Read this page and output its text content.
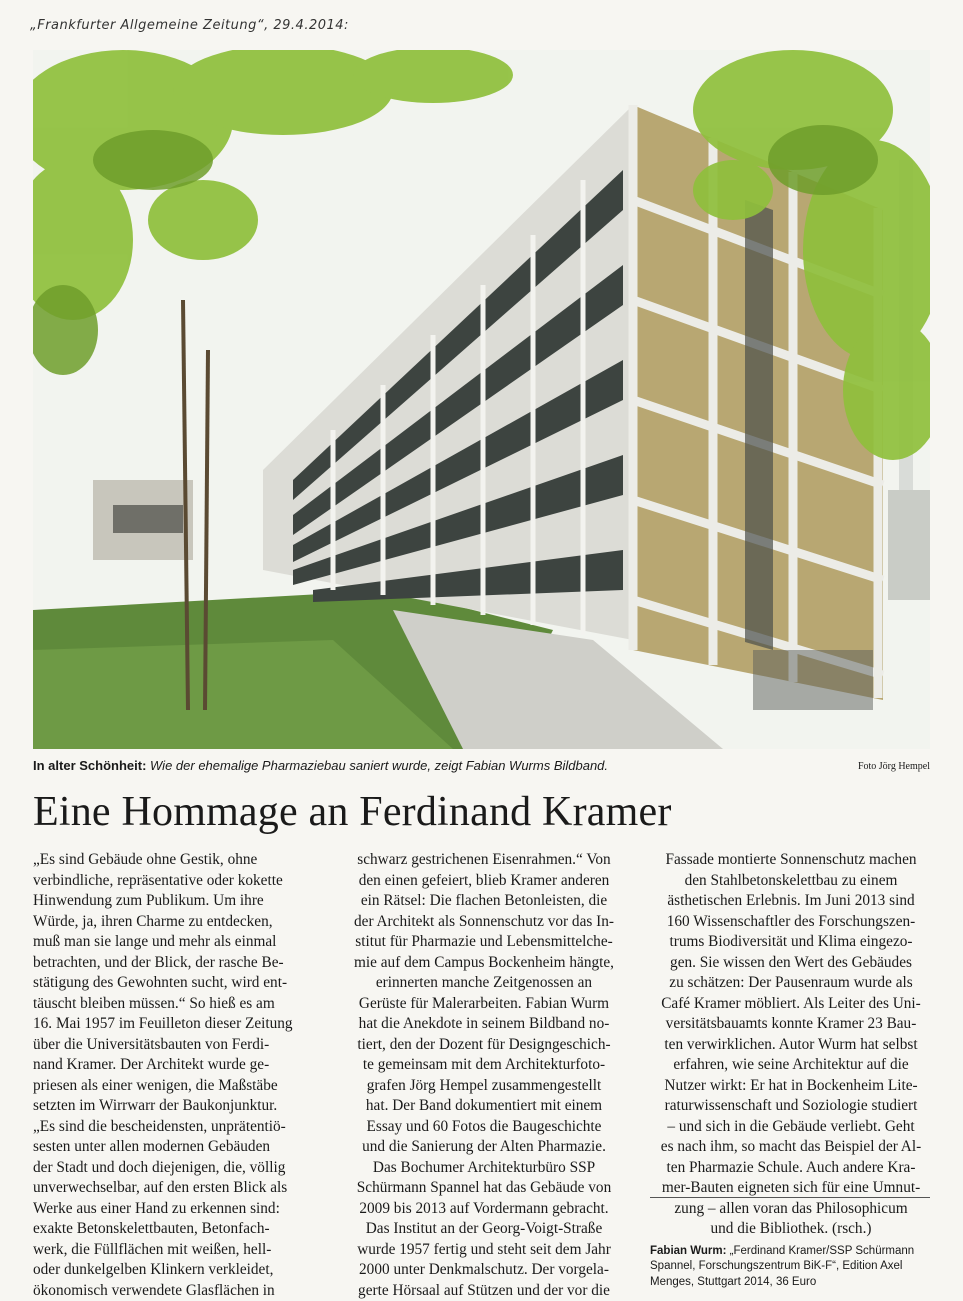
„Frankfurter Allgemeine Zeitung“, 29.4.2014:
In alter Schönheit: Wie der ehemalige Pharmaziebau saniert wurde, zeigt Fabian Wurms Bildband.	Foto Jörg Hempel
Eine Hommage an Ferdinand Kramer
„Es sind Gebäude ohne Gestik, ohne
verbindliche, repräsentative oder kokette
Hinwendung zum Publikum. Um ihre
Würde, ja, ihren Charme zu entdecken,
muß man sie lange und mehr als einmal
betrachten, und der Blick, der rasche Be-
stätigung des Gewohnten sucht, wird ent-
täuscht bleiben müssen.“ So hieß es am
16. Mai 1957 im Feuilleton dieser Zeitung
über die Universitätsbauten von Ferdi-
nand Kramer. Der Architekt wurde ge-
priesen als einer wenigen, die Maßstäbe
setzten im Wirrwarr der Baukonjunktur.
„Es sind die bescheidensten, unprätentiö-
sesten unter allen modernen Gebäuden
der Stadt und doch diejenigen, die, völlig
unverwechselbar, auf den ersten Blick als
Werke aus einer Hand zu erkennen sind:
exakte Betonskelettbauten, Betonfach-
werk, die Füllflächen mit weißen, hell-
oder dunkelgelben Klinkern verkleidet,
ökonomisch verwendete Glasflächen in
schwarz gestrichenen Eisenrahmen.“ Von
den einen gefeiert, blieb Kramer anderen
ein Rätsel: Die flachen Betonleisten, die
der Architekt als Sonnenschutz vor das In-
stitut für Pharmazie und Lebensmittelche-
mie auf dem Campus Bockenheim hängte,
erinnerten manche Zeitgenossen an
Gerüste für Malerarbeiten. Fabian Wurm
hat die Anekdote in seinem Bildband no-
tiert, den der Dozent für Designgeschich-
te gemeinsam mit dem Architekturfoto-
grafen Jörg Hempel zusammengestellt
hat. Der Band dokumentiert mit einem
Essay und 60 Fotos die Baugeschichte
und die Sanierung der Alten Pharmazie.
Das Bochumer Architekturbüro SSP
Schürmann Spannel hat das Gebäude von
2009 bis 2013 auf Vordermann gebracht.
Das Institut an der Georg-Voigt-Straße
wurde 1957 fertig und steht seit dem Jahr
2000 unter Denkmalschutz. Der vorgela-
gerte Hörsaal auf Stützen und der vor die
Fassade montierte Sonnenschutz machen
den Stahlbetonskelettbau zu einem
ästhetischen Erlebnis. Im Juni 2013 sind
160 Wissenschaftler des Forschungszen-
trums Biodiversität und Klima eingezo-
gen. Sie wissen den Wert des Gebäudes
zu schätzen: Der Pausenraum wurde als
Café Kramer möbliert. Als Leiter des Uni-
versitätsbauamts konnte Kramer 23 Bau-
ten verwirklichen. Autor Wurm hat selbst
erfahren, wie seine Architektur auf die
Nutzer wirkt: Er hat in Bockenheim Lite-
raturwissenschaft und Soziologie studiert
– und sich in die Gebäude verliebt. Geht
es nach ihm, so macht das Beispiel der Al-
ten Pharmazie Schule. Auch andere Kra-
mer-Bauten eigneten sich für eine Umnut-
zung – allen voran das Philosophicum
und die Bibliothek. (rsch.)
Fabian Wurm: „Ferdinand Kramer/SSP Schürmann
Spannel, Forschungszentrum BiK-F“, Edition Axel
Menges, Stuttgart 2014, 36 Euro
